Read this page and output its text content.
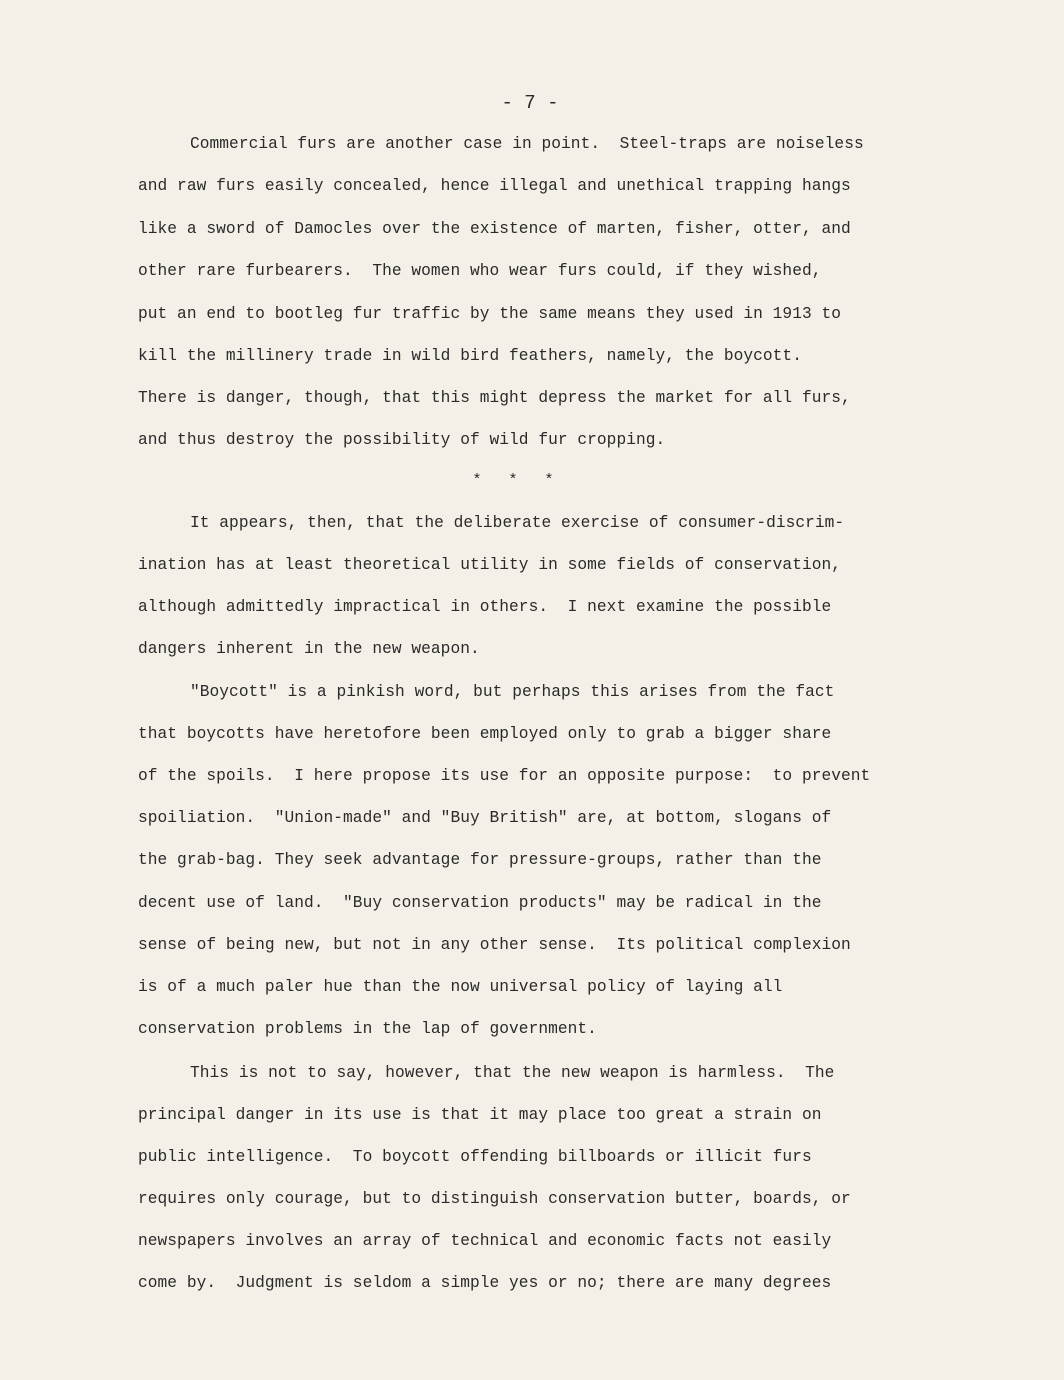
- 7 -
Commercial furs are another case in point.  Steel-traps are noiseless
and raw furs easily concealed, hence illegal and unethical trapping hangs
like a sword of Damocles over the existence of marten, fisher, otter, and
other rare furbearers.  The women who wear furs could, if they wished,
put an end to bootleg fur traffic by the same means they used in 1913 to
kill the millinery trade in wild bird feathers, namely, the boycott.
There is danger, though, that this might depress the market for all furs,
and thus destroy the possibility of wild fur cropping.
*   *   *
It appears, then, that the deliberate exercise of consumer-discrim-
ination has at least theoretical utility in some fields of conservation,
although admittedly impractical in others.  I next examine the possible
dangers inherent in the new weapon.
"Boycott" is a pinkish word, but perhaps this arises from the fact
that boycotts have heretofore been employed only to grab a bigger share
of the spoils.  I here propose its use for an opposite purpose:  to prevent
spoiliation.  "Union-made" and "Buy British" are, at bottom, slogans of
the grab-bag. They seek advantage for pressure-groups, rather than the
decent use of land.  "Buy conservation products" may be radical in the
sense of being new, but not in any other sense.  Its political complexion
is of a much paler hue than the now universal policy of laying all
conservation problems in the lap of government.
This is not to say, however, that the new weapon is harmless.  The
principal danger in its use is that it may place too great a strain on
public intelligence.  To boycott offending billboards or illicit furs
requires only courage, but to distinguish conservation butter, boards, or
newspapers involves an array of technical and economic facts not easily
come by.  Judgment is seldom a simple yes or no; there are many degrees
